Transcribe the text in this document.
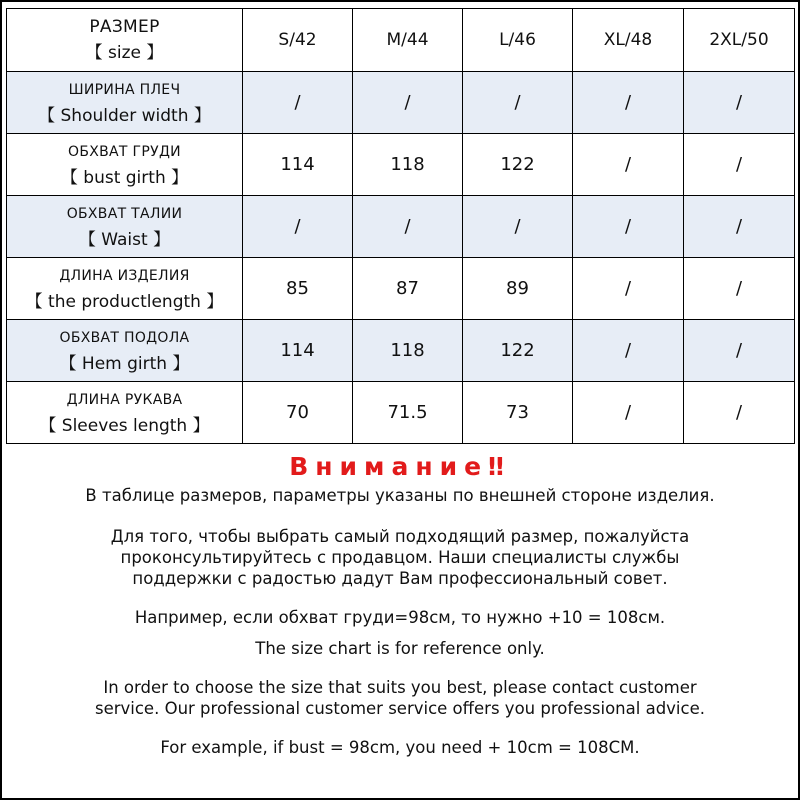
РАЗМЕР
【 size 】	S/42	M/44	L/46	XL/48	2XL/50

ШИРИНА ПЛЕЧ
【 Shoulder width 】	/	/	/	/	/

ОБХВАТ ГРУДИ
【 bust girth 】	114	118	122	/	/

ОБХВАТ ТАЛИИ
【 Waist 】	/	/	/	/	/

ДЛИНА ИЗДЕЛИЯ
【 the productlength 】	85	87	89	/	/

ОБХВАТ ПОДОЛА
【 Hem girth 】	114	118	122	/	/

ДЛИНА РУКАВА
【 Sleeves length 】	70	71.5	73	/	/
Внимание‼

В таблице размеров, параметры указаны по внешней стороне изделия.

Для того, чтобы выбрать самый подходящий размер, пожалуйста

проконсультируйтесь с продавцом. Наши специалисты службы

поддержки с радостью дадут Вам профессиональный совет.

Например, если обхват груди=98см, то нужно +10 = 108см.

The size chart is for reference only.

In order to choose the size that suits you best, please contact customer

service. Our professional customer service offers you professional advice.

For example, if bust = 98cm, you need + 10cm = 108CM.
